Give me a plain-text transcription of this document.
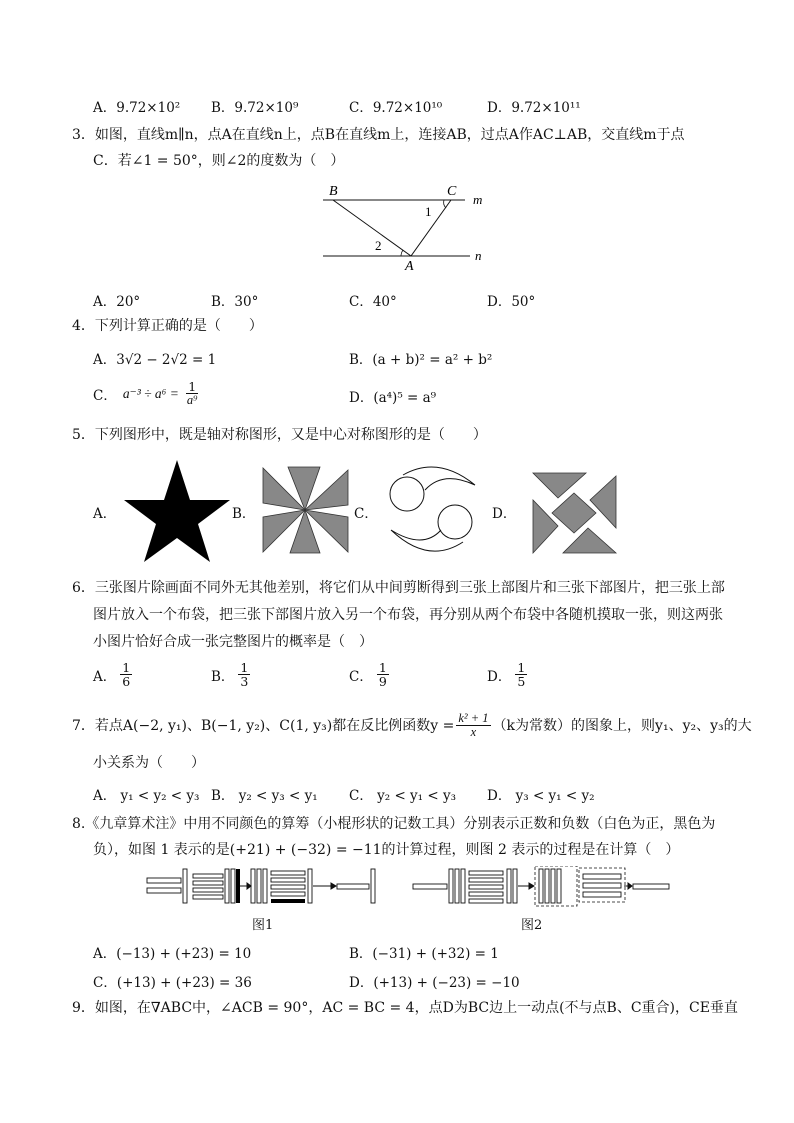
A．9.72×10² B．9.72×10⁹	C．9.72×10¹⁰	D．9.72×10¹¹
3．如图，直线m∥n，点A在直线n上，点B在直线m上，连接AB，过点A作AC⊥AB，交直线m于点
C．若∠1 = 50°，则∠2的度数为（　）
B	C
m
n
A
1
2
A．20°	B．30°	C．40°	D．50°
4．下列计算正确的是（　　）
A．3√2 − 2√2 = 1	B．(a + b)² = a² + b²
C． $a^{-3} \div a^6 = \frac{1}{\text{a⁹}}$	D．(a⁴)⁵ = a⁹
5．下列图形中，既是轴对称图形，又是中心对称图形的是（　　）
A．	B．	C．	D．
6．三张图片除画面不同外无其他差别，将它们从中间剪断得到三张上部图片和三张下部图片，把三张上部
图片放入一个布袋，把三张下部图片放入另一个布袋，再分别从两个布袋中各随机摸取一张，则这两张
小图片恰好合成一张完整图片的概率是（　）
A． $\frac{1}{6}$	B． $\frac{1}{3}$	C． $\frac{1}{9}$	D． $\frac{1}{5}$
7．若点A(−2, y₁)、B(−1, y₂)、C(1, y₃)都在反比例函数$y = \frac{\text{k² + 1}}{x} (k$为常数）的图象上，则y₁、y₂、y₃的大
小关系为（　　）
A． y₁ < y₂ < y₃ B． y₂ < y₃ < y₁ C． y₂ < y₁ < y₃ D． y₃ < y₁ < y₂
8.《九章算术注》中用不同颜色的算筹（小棍形状的记数工具）分别表示正数和负数（白色为正，黑色为
负），如图 1 表示的是(+21) + (−32) = −11的计算过程，则图 2 表示的过程是在计算（　）
图1	图2
A．(−13) + (+23) = 10	B．(−31) + (+32) = 1
C．(+13) + (+23) = 36	D．(+13) + (−23) = −10
9．如图，在∇ABC中，∠ACB = 90°，AC = BC = 4，点D为BC边上一动点(不与点B、C重合)，CE垂直
